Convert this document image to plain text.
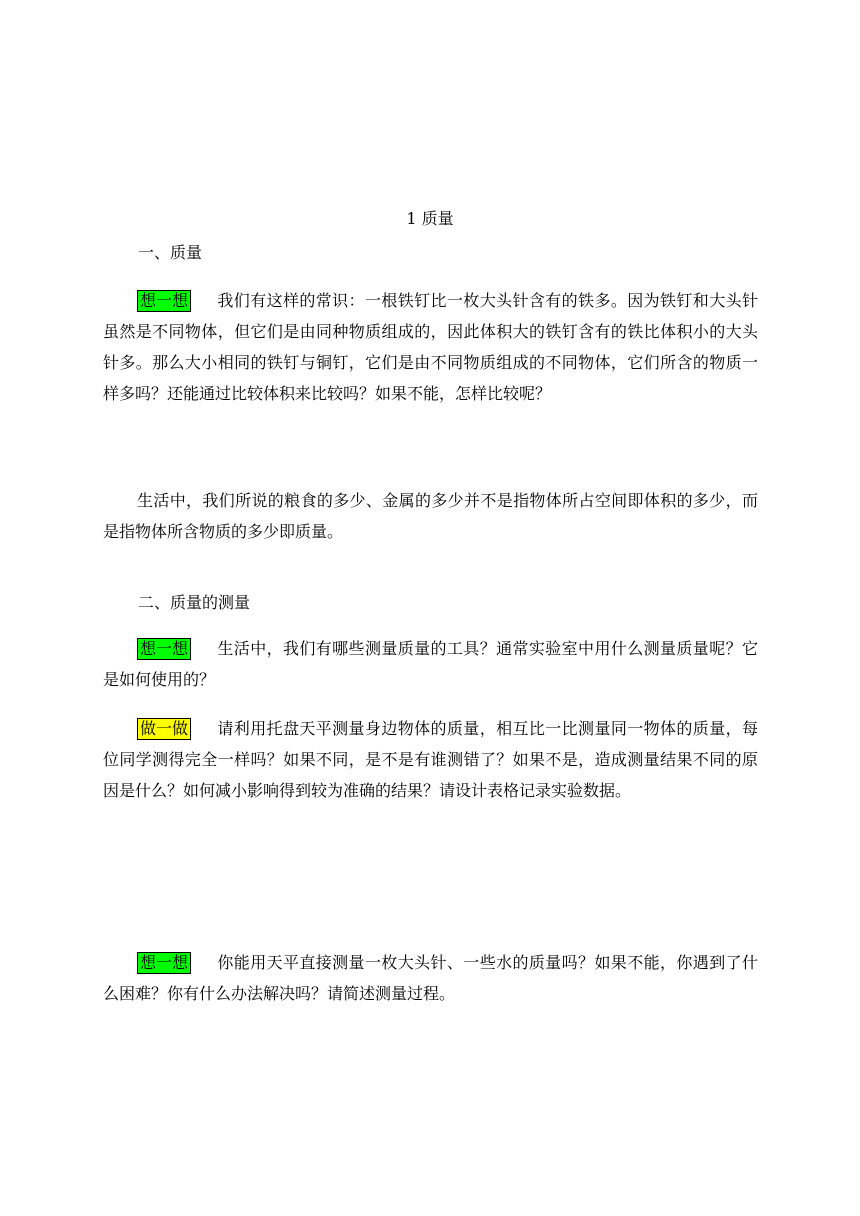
1 质量
一、质量

想一想 我们有这样的常识：一根铁钉比一枚大头针含有的铁多。因为铁钉和大头针虽然是不同物体，但它们是由同种物质组成的，因此体积大的铁钉含有的铁比体积小的大头针多。那么大小相同的铁钉与铜钉，它们是由不同物质组成的不同物体，它们所含的物质一样多吗？还能通过比较体积来比较吗？如果不能，怎样比较呢？

生活中，我们所说的粮食的多少、金属的多少并不是指物体所占空间即体积的多少，而是指物体所含物质的多少即质量。

二、质量的测量

想一想 生活中，我们有哪些测量质量的工具？通常实验室中用什么测量质量呢？它是如何使用的？

做一做 请利用托盘天平测量身边物体的质量，相互比一比测量同一物体的质量，每位同学测得完全一样吗？如果不同，是不是有谁测错了？如果不是，造成测量结果不同的原因是什么？如何减小影响得到较为准确的结果？请设计表格记录实验数据。

想一想 你能用天平直接测量一枚大头针、一些水的质量吗？如果不能，你遇到了什么困难？你有什么办法解决吗？请简述测量过程。
